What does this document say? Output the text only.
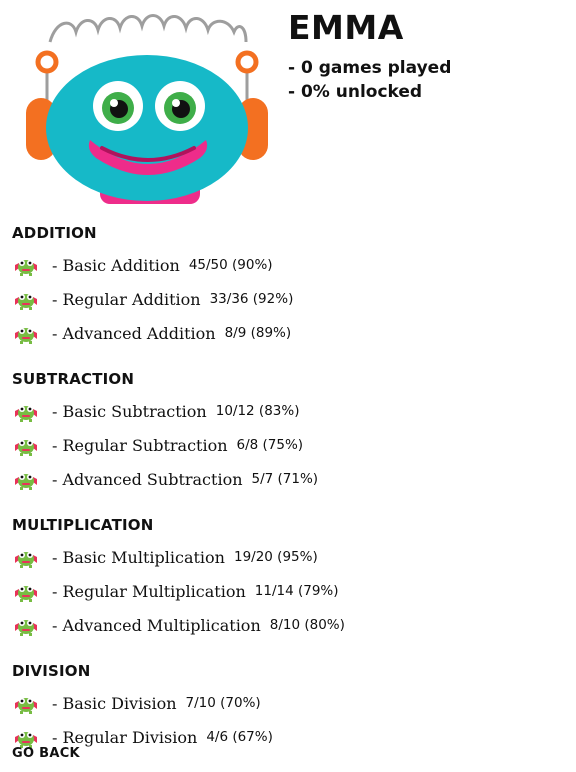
EMMA
- 0 games played
- 0% unlocked
ADDITION
- Basic Addition 45/50 (90%)
- Regular Addition 33/36 (92%)
- Advanced Addition 8/9 (89%)
SUBTRACTION
- Basic Subtraction 10/12 (83%)
- Regular Subtraction 6/8 (75%)
- Advanced Subtraction 5/7 (71%)
MULTIPLICATION
- Basic Multiplication 19/20 (95%)
- Regular Multiplication 11/14 (79%)
- Advanced Multiplication 8/10 (80%)
DIVISION
- Basic Division 7/10 (70%)
- Regular Division 4/6 (67%)
GO BACK
